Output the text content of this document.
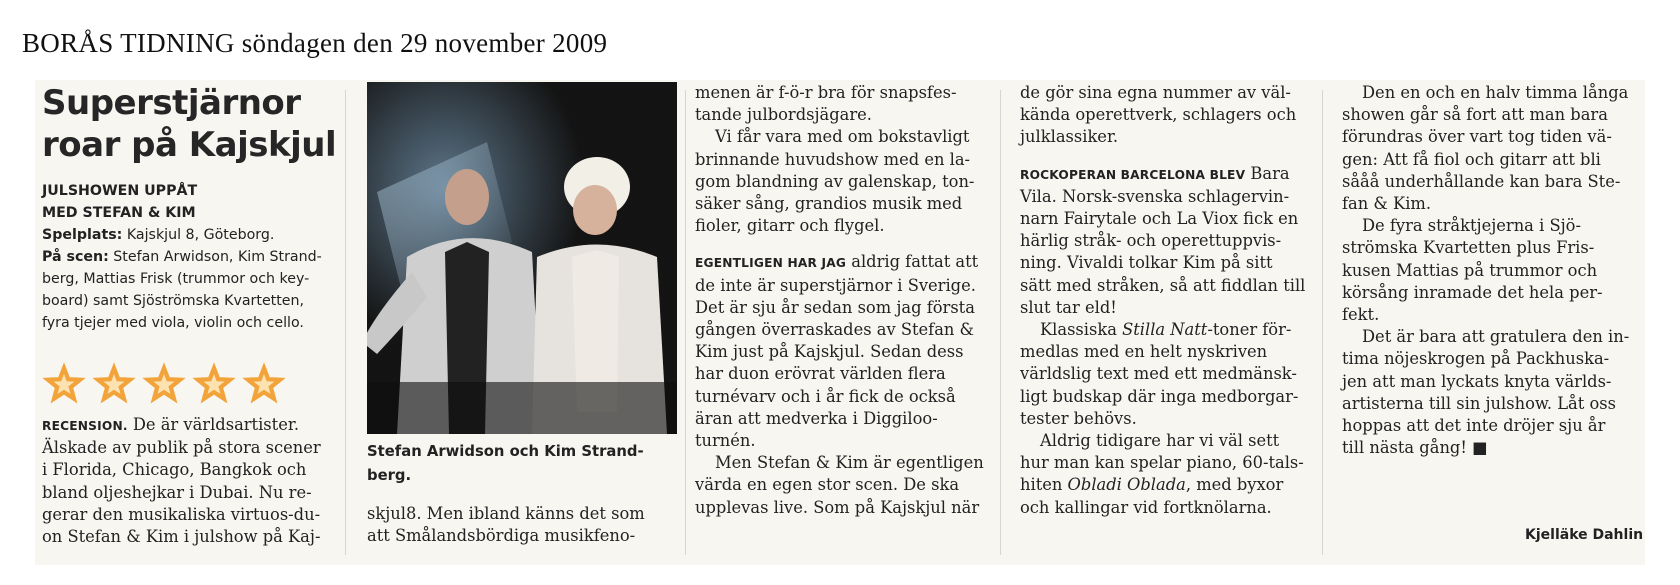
BORÅS TIDNING söndagen den 29 november 2009
Superstjärnor
roar på Kajskjul
JULSHOWEN UPPÅT
MED STEFAN & KIM
Spelplats: Kajskjul 8, Göteborg.
På scen: Stefan Arwidson, Kim Strand-
berg, Mattias Frisk (trummor och key-
board) samt Sjöströmska Kvartetten,
fyra tjejer med viola, violin och cello.
RECENSION. De är världsartister.
Älskade av publik på stora scener
i Florida, Chicago, Bangkok och
bland oljeshejkar i Dubai. Nu re-
gerar den musikaliska virtuos-du-
on Stefan & Kim i julshow på Kaj-
Stefan Arwidson och Kim Strand-
berg.
skjul8. Men ibland känns det som
att Smålandsbördiga musikfeno-
menen är f-ö-r bra för snapsfes-
tande julbordsjägare.
Vi får vara med om bokstavligt
brinnande huvudshow med en la-
gom blandning av galenskap, ton-
säker sång, grandios musik med
fioler, gitarr och flygel.
EGENTLIGEN HAR JAG aldrig fattat att
de inte är superstjärnor i Sverige.
Det är sju år sedan som jag första
gången överraskades av Stefan &
Kim just på Kajskjul. Sedan dess
har duon erövrat världen flera
turnévarv och i år fick de också
äran att medverka i Diggiloo-
turnén.
Men Stefan & Kim är egentligen
värda en egen stor scen. De ska
upplevas live. Som på Kajskjul när
de gör sina egna nummer av väl-
kända operettverk, schlagers och
julklassiker.
ROCKOPERAN BARCELONA BLEV Bara
Vila. Norsk-svenska schlagervin-
narn Fairytale och La Viox fick en
härlig stråk- och operettuppvis-
ning. Vivaldi tolkar Kim på sitt
sätt med stråken, så att fiddlan till
slut tar eld!
Klassiska Stilla Natt-toner för-
medlas med en helt nyskriven
världslig text med ett medmänsk-
ligt budskap där inga medborgar-
tester behövs.
Aldrig tidigare har vi väl sett
hur man kan spelar piano, 60-tals-
hiten Obladi Oblada, med byxor
och kallingar vid fortknölarna.
Den en och en halv timma långa
showen går så fort att man bara
förundras över vart tog tiden vä-
gen: Att få fiol och gitarr att bli
sååå underhållande kan bara Ste-
fan & Kim.
De fyra stråktjejerna i Sjö-
strömska Kvartetten plus Fris-
kusen Mattias på trummor och
körsång inramade det hela per-
fekt.
Det är bara att gratulera den in-
tima nöjeskrogen på Packhuska-
jen att man lyckats knyta världs-
artisterna till sin julshow. Låt oss
hoppas att det inte dröjer sju år
till nästa gång! ■
Kjelläke Dahlin
